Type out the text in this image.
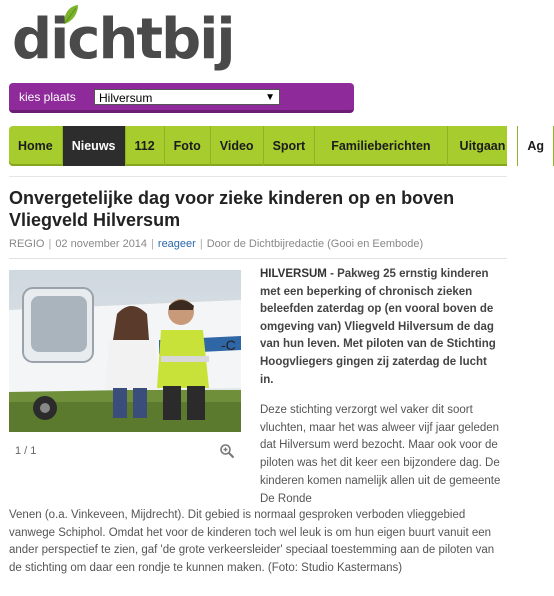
dichtbij
kies plaats	Hilversum	▼
Home	Nieuws	112	Foto	Video	Sport	Familieberichten	Uitgaan	Ag
Onvergetelijke dag voor zieke kinderen op en boven Vliegveld Hilversum
REGIO | 02 november 2014 | reageer | Door de Dichtbijredactie (Gooi en Eembode)
-C
1 / 1
HILVERSUM - Pakweg 25 ernstig kinderen met een beperking of chronisch zieken beleefden zaterdag op (en vooral boven de omgeving van) Vliegveld Hilversum de dag van hun leven. Met piloten van de Stichting Hoogvliegers gingen zij zaterdag de lucht in.
Deze stichting verzorgt wel vaker dit soort vluchten, maar het was alweer vijf jaar geleden dat Hilversum werd bezocht. Maar ook voor de piloten was het dit keer een bijzondere dag. De kinderen komen namelijk allen uit de gemeente De Ronde
Venen (o.a. Vinkeveen, Mijdrecht). Dit gebied is normaal gesproken verboden vlieggebied vanwege Schiphol. Omdat het voor de kinderen toch wel leuk is om hun eigen buurt vanuit een ander perspectief te zien, gaf 'de grote verkeersleider' speciaal toestemming aan de piloten van de stichting om daar een rondje te kunnen maken. (Foto: Studio Kastermans)
